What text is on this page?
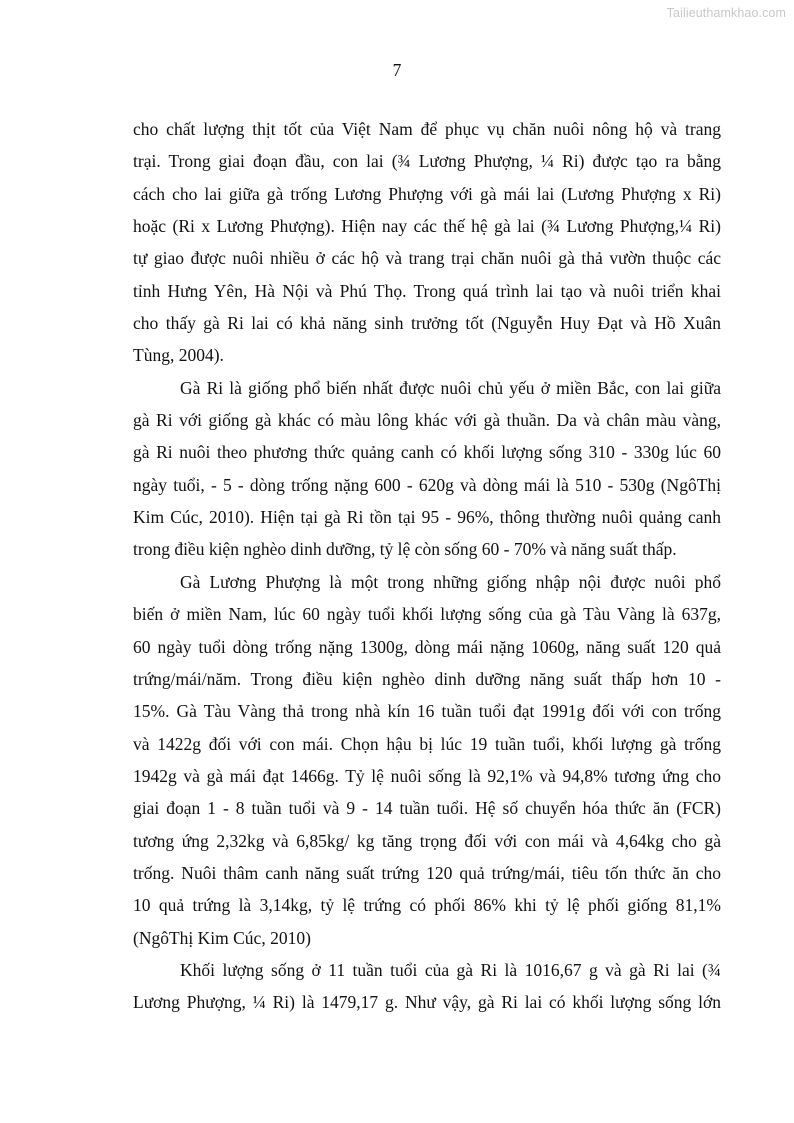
Tailieuthamkhao.com
7
cho chất lượng thịt tốt của Việt Nam để phục vụ chăn nuôi nông hộ và trang
trại. Trong giai đoạn đầu, con lai (¾ Lương Phượng, ¼ Ri) được tạo ra bằng
cách cho lai giữa gà trống Lương Phượng với gà mái lai (Lương Phượng x Ri)
hoặc (Ri x Lương Phượng). Hiện nay các thế hệ gà lai (¾ Lương Phượng,¼ Ri)
tự giao được nuôi nhiều ở các hộ và trang trại chăn nuôi gà thả vườn thuộc các
tỉnh Hưng Yên, Hà Nội và Phú Thọ. Trong quá trình lai tạo và nuôi triển khai
cho thấy gà Ri lai có khả năng sinh trưởng tốt (Nguyễn Huy Đạt và Hồ Xuân
Tùng, 2004).
Gà Ri là giống phổ biến nhất được nuôi chủ yếu ở miền Bắc, con lai giữa
gà Ri với giống gà khác có màu lông khác với gà thuần. Da và chân màu vàng,
gà Ri nuôi theo phương thức quảng canh có khối lượng sống 310 - 330g lúc 60
ngày tuổi, - 5 - dòng trống nặng 600 - 620g và dòng mái là 510 - 530g (NgôThị
Kim Cúc, 2010). Hiện tại gà Ri tồn tại 95 - 96%, thông thường nuôi quảng canh
trong điều kiện nghèo dinh dưỡng, tỷ lệ còn sống 60 - 70% và năng suất thấp.
Gà Lương Phượng là một trong những giống nhập nội được nuôi phổ
biến ở miền Nam, lúc 60 ngày tuổi khối lượng sống của gà Tàu Vàng là 637g,
60 ngày tuổi dòng trống nặng 1300g, dòng mái nặng 1060g, năng suất 120 quả
trứng/mái/năm. Trong điều kiện nghèo dinh dưỡng năng suất thấp hơn 10 -
15%. Gà Tàu Vàng thả trong nhà kín 16 tuần tuổi đạt 1991g đối với con trống
và 1422g đối với con mái. Chọn hậu bị lúc 19 tuần tuổi, khối lượng gà trống
1942g và gà mái đạt 1466g. Tỷ lệ nuôi sống là 92,1% và 94,8% tương ứng cho
giai đoạn 1 - 8 tuần tuổi và 9 - 14 tuần tuổi. Hệ số chuyển hóa thức ăn (FCR)
tương ứng 2,32kg và 6,85kg/ kg tăng trọng đối với con mái và 4,64kg cho gà
trống. Nuôi thâm canh năng suất trứng 120 quả trứng/mái, tiêu tốn thức ăn cho
10 quả trứng là 3,14kg, tỷ lệ trứng có phối 86% khi tỷ lệ phối giống 81,1%
(NgôThị Kim Cúc, 2010)
Khối lượng sống ở 11 tuần tuổi của gà Ri là 1016,67 g và gà Ri lai (¾
Lương Phượng, ¼ Ri) là 1479,17 g. Như vậy, gà Ri lai có khối lượng sống lớn
